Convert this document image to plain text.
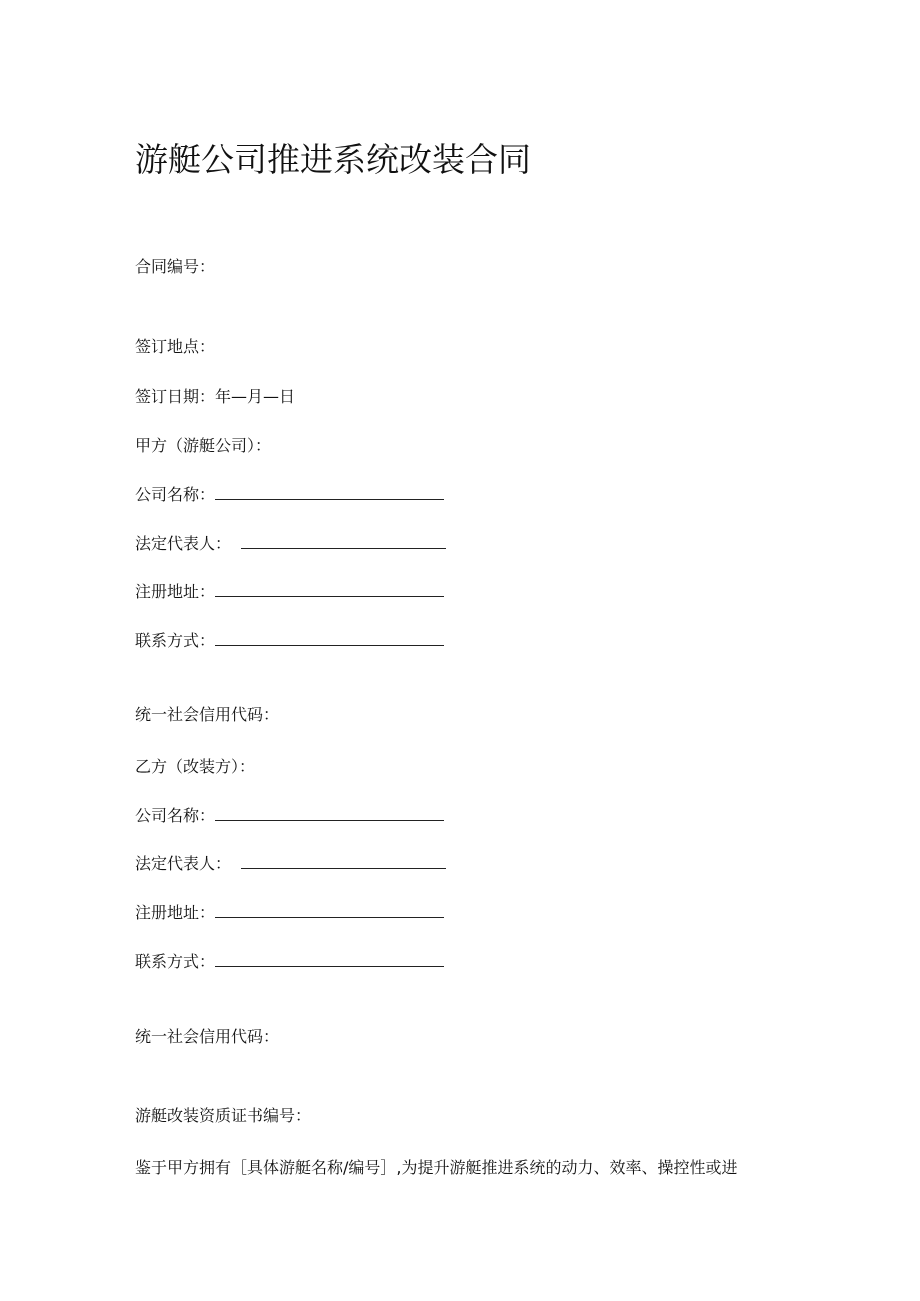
游艇公司推进系统改装合同
合同编号：
签订地点：
签订日期：年—月—日
甲方（游艇公司）：
公司名称：
法定代表人：
注册地址：
联系方式：
统一社会信用代码：
乙方（改装方）：
公司名称：
法定代表人：
注册地址：
联系方式：
统一社会信用代码：
游艇改装资质证书编号：
鉴于甲方拥有［具体游艇名称/编号］,为提升游艇推进系统的动力、效率、操控性或进
